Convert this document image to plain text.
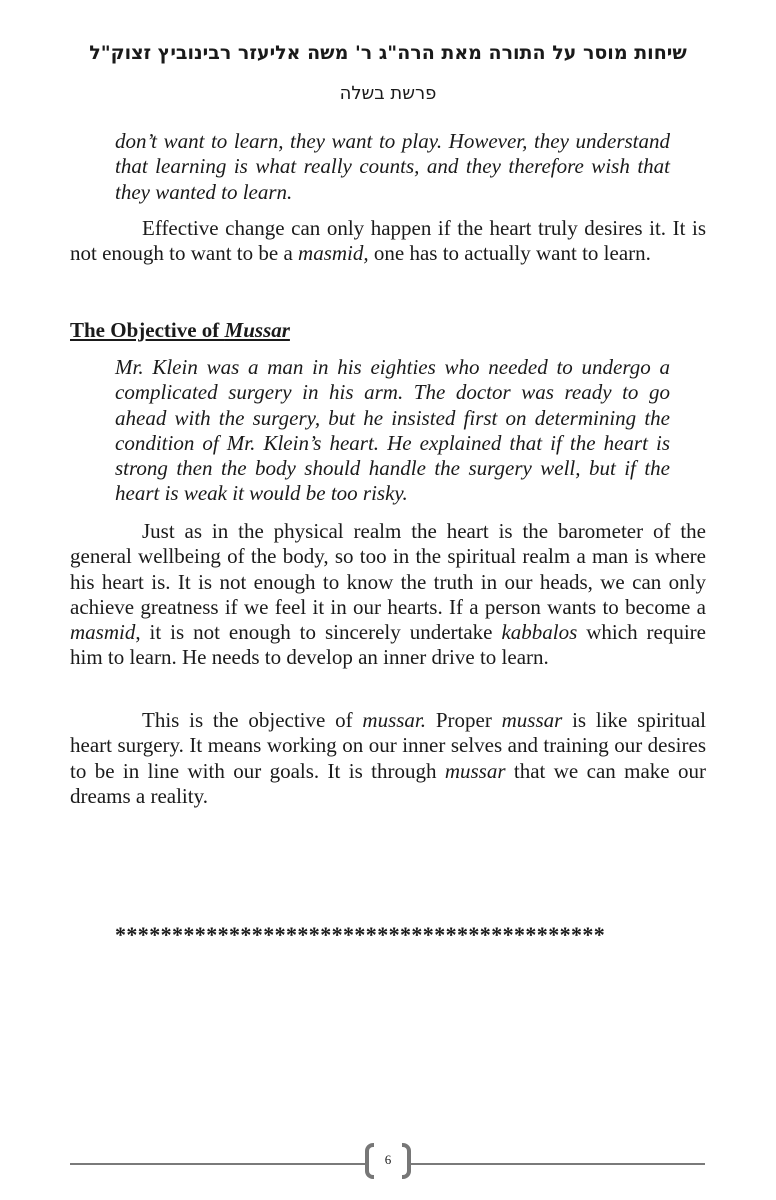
שיחות מוסר על התורה מאת הרה"ג ר' משה אליעזר רבינוביץ זצוק"ל
פרשת בשלה

don’t want to learn, they want to play. However, they understand that learning is what really counts, and they therefore wish that they wanted to learn.

Effective change can only happen if the heart truly desires it. It is not enough to want to be a masmid, one has to actually want to learn.

The Objective of Mussar

Mr. Klein was a man in his eighties who needed to undergo a complicated surgery in his arm. The doctor was ready to go ahead with the surgery, but he insisted first on determining the condition of Mr. Klein’s heart. He explained that if the heart is strong then the body should handle the surgery well, but if the heart is weak it would be too risky.

Just as in the physical realm the heart is the barometer of the general wellbeing of the body, so too in the spiritual realm a man is where his heart is. It is not enough to know the truth in our heads, we can only achieve greatness if we feel it in our hearts. If a person wants to become a masmid, it is not enough to sincerely undertake kabbalos which require him to learn. He needs to develop an inner drive to learn.

This is the objective of mussar. Proper mussar is like spiritual heart surgery. It means working on our inner selves and training our desires to be in line with our goals. It is through mussar that we can make our dreams a reality.

*******************************************
6
